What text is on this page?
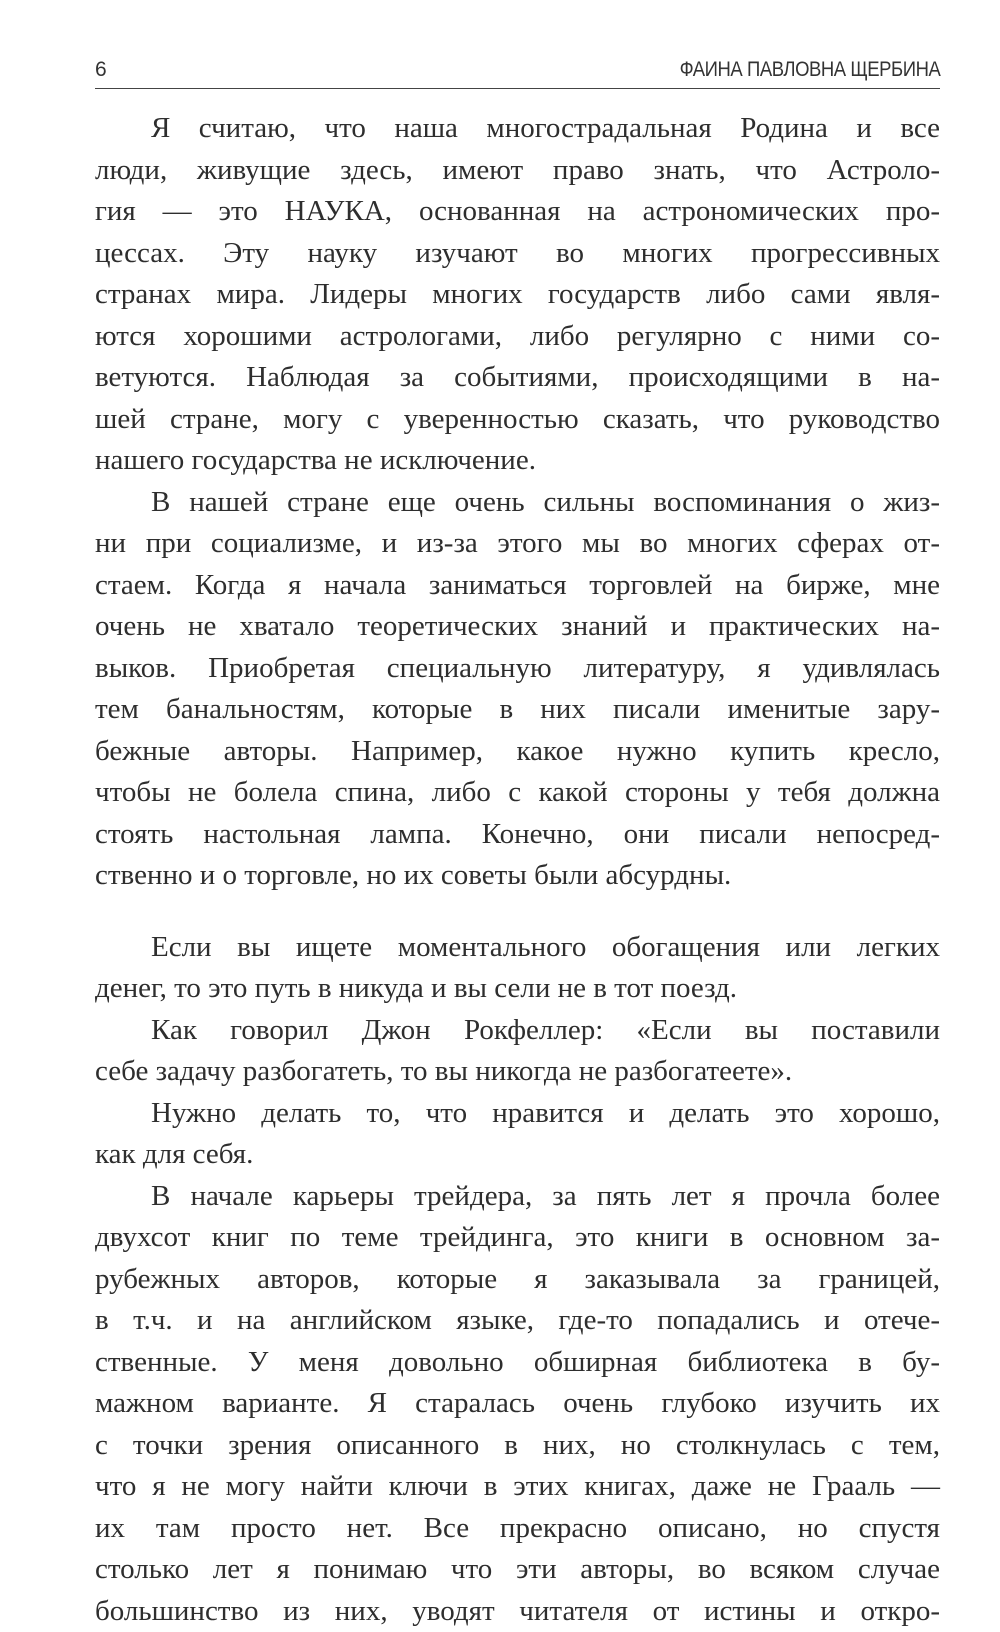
6	ФАИНА ПАВЛОВНА ЩЕРБИНА
Я считаю, что наша многострадальная Родина и все
люди, живущие здесь, имеют право знать, что Астроло-
гия — это НАУКА, основанная на астрономических про-
цессах. Эту науку изучают во многих прогрессивных
странах мира. Лидеры многих государств либо сами явля-
ются хорошими астрологами, либо регулярно с ними со-
ветуются. Наблюдая за событиями, происходящими в на-
шей стране, могу с уверенностью сказать, что руководство
нашего государства не исключение.
В нашей стране еще очень сильны воспоминания о жиз-
ни при социализме, и из-за этого мы во многих сферах от-
стаем. Когда я начала заниматься торговлей на бирже, мне
очень не хватало теоретических знаний и практических на-
выков. Приобретая специальную литературу, я удивлялась
тем банальностям, которые в них писали именитые зару-
бежные авторы. Например, какое нужно купить кресло,
чтобы не болела спина, либо с какой стороны у тебя должна
стоять настольная лампа. Конечно, они писали непосред-
ственно и о торговле, но их советы были абсурдны.
Если вы ищете моментального обогащения или легких
денег, то это путь в никуда и вы сели не в тот поезд.
Как говорил Джон Рокфеллер: «Если вы поставили
себе задачу разбогатеть, то вы никогда не разбогатеете».
Нужно делать то, что нравится и делать это хорошо,
как для себя.
В начале карьеры трейдера, за пять лет я прочла более
двухсот книг по теме трейдинга, это книги в основном за-
рубежных авторов, которые я заказывала за границей,
в т.ч. и на английском языке, где-то попадались и отече-
ственные. У меня довольно обширная библиотека в бу-
мажном варианте. Я старалась очень глубоко изучить их
с точки зрения описанного в них, но столкнулась с тем,
что я не могу найти ключи в этих книгах, даже не Грааль —
их там просто нет. Все прекрасно описано, но спустя
столько лет я понимаю что эти авторы, во всяком случае
большинство из них, уводят читателя от истины и откро-
